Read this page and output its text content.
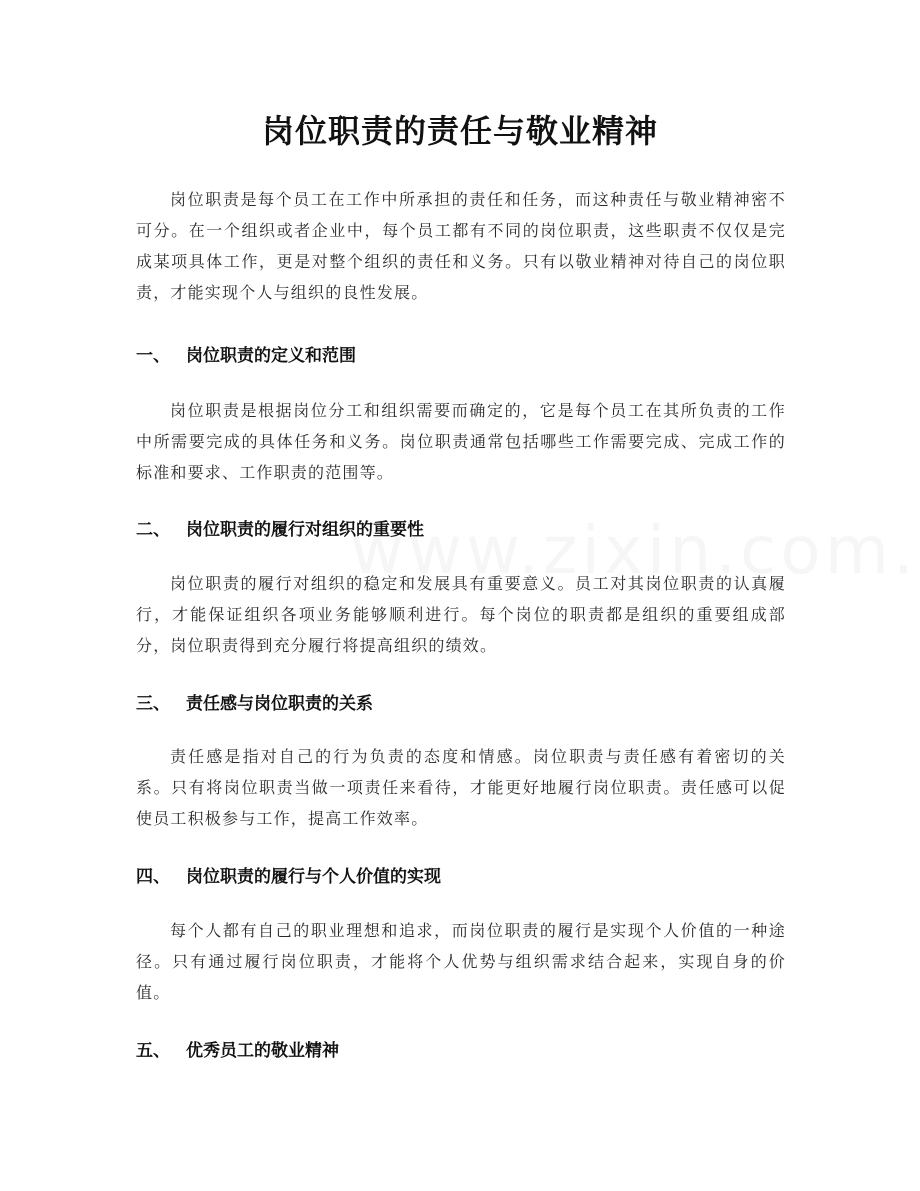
岗位职责的责任与敬业精神

岗位职责是每个员工在工作中所承担的责任和任务，而这种责任与敬业精神密不可分。在一个组织或者企业中，每个员工都有不同的岗位职责，这些职责不仅仅是完成某项具体工作，更是对整个组织的责任和义务。只有以敬业精神对待自己的岗位职责，才能实现个人与组织的良性发展。

一、 岗位职责的定义和范围

岗位职责是根据岗位分工和组织需要而确定的，它是每个员工在其所负责的工作中所需要完成的具体任务和义务。岗位职责通常包括哪些工作需要完成、完成工作的标准和要求、工作职责的范围等。

二、 岗位职责的履行对组织的重要性

岗位职责的履行对组织的稳定和发展具有重要意义。员工对其岗位职责的认真履行，才能保证组织各项业务能够顺利进行。每个岗位的职责都是组织的重要组成部分，岗位职责得到充分履行将提高组织的绩效。

三、 责任感与岗位职责的关系

责任感是指对自己的行为负责的态度和情感。岗位职责与责任感有着密切的关系。只有将岗位职责当做一项责任来看待，才能更好地履行岗位职责。责任感可以促使员工积极参与工作，提高工作效率。

四、 岗位职责的履行与个人价值的实现

每个人都有自己的职业理想和追求，而岗位职责的履行是实现个人价值的一种途径。只有通过履行岗位职责，才能将个人优势与组织需求结合起来，实现自身的价值。

五、 优秀员工的敬业精神
